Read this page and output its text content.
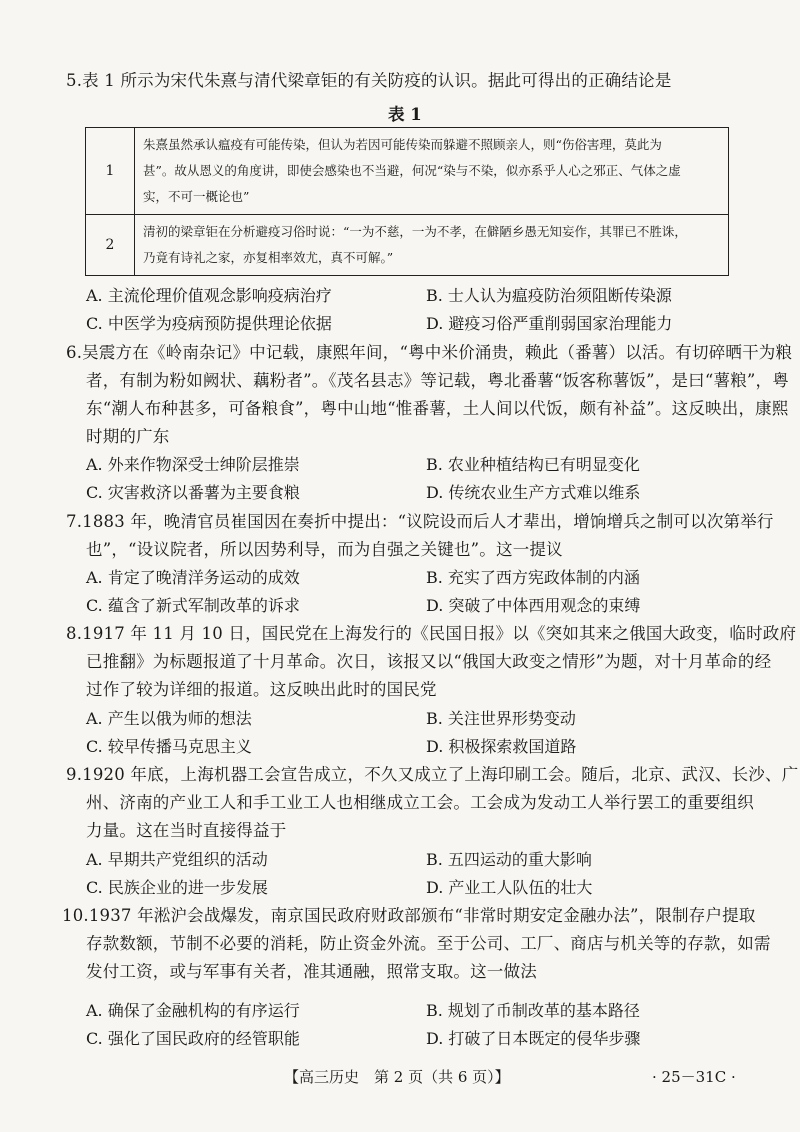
5.表 1 所示为宋代朱熹与清代梁章钜的有关防疫的认识。据此可得出的正确结论是
表 1
1	朱熹虽然承认瘟疫有可能传染，但认为若因可能传染而躲避不照顾亲人，则“伤俗害理，莫此为
甚”。故从恩义的角度讲，即使会感染也不当避，何况“染与不染，似亦系乎人心之邪正、气体之虚
实，不可一概论也”

2	清初的梁章钜在分析避疫习俗时说：“一为不慈，一为不孝，在僻陋乡愚无知妄作，其罪已不胜诛，
乃竟有诗礼之家，亦复相率效尤，真不可解。”
A. 主流伦理价值观念影响疫病治疗	B. 士人认为瘟疫防治须阻断传染源
C. 中医学为疫病预防提供理论依据	D. 避疫习俗严重削弱国家治理能力
6.吴震方在《岭南杂记》中记载，康熙年间，“粤中米价涌贵，赖此（番薯）以活。有切碎晒干为粮
者，有制为粉如阙状、藕粉者”。《茂名县志》等记载，粤北番薯“饭客称薯饭”，是曰“薯粮”，粤
东“潮人布种甚多，可备粮食”，粤中山地“惟番薯，土人间以代饭，颇有补益”。这反映出，康熙
时期的广东
A. 外来作物深受士绅阶层推崇	B. 农业种植结构已有明显变化
C. 灾害救济以番薯为主要食粮	D. 传统农业生产方式难以维系
7.1883 年，晚清官员崔国因在奏折中提出：“议院设而后人才辈出，增饷增兵之制可以次第举行
也”，“设议院者，所以因势利导，而为自强之关键也”。这一提议
A. 肯定了晚清洋务运动的成效	B. 充实了西方宪政体制的内涵
C. 蕴含了新式军制改革的诉求	D. 突破了中体西用观念的束缚
8.1917 年 11 月 10 日，国民党在上海发行的《民国日报》以《突如其来之俄国大政变，临时政府
已推翻》为标题报道了十月革命。次日，该报又以“俄国大政变之情形”为题，对十月革命的经
过作了较为详细的报道。这反映出此时的国民党
A. 产生以俄为师的想法	B. 关注世界形势变动
C. 较早传播马克思主义	D. 积极探索救国道路
9.1920 年底，上海机器工会宣告成立，不久又成立了上海印刷工会。随后，北京、武汉、长沙、广
州、济南的产业工人和手工业工人也相继成立工会。工会成为发动工人举行罢工的重要组织
力量。这在当时直接得益于
A. 早期共产党组织的活动	B. 五四运动的重大影响
C. 民族企业的进一步发展	D. 产业工人队伍的壮大
10.1937 年淞沪会战爆发，南京国民政府财政部颁布“非常时期安定金融办法”，限制存户提取
存款数额，节制不必要的消耗，防止资金外流。至于公司、工厂、商店与机关等的存款，如需
发付工资，或与军事有关者，准其通融，照常支取。这一做法
A. 确保了金融机构的有序运行	B. 规划了币制改革的基本路径
C. 强化了国民政府的经管职能	D. 打破了日本既定的侵华步骤
【高三历史　第 2 页（共 6 页）】	· 25－31C ·
